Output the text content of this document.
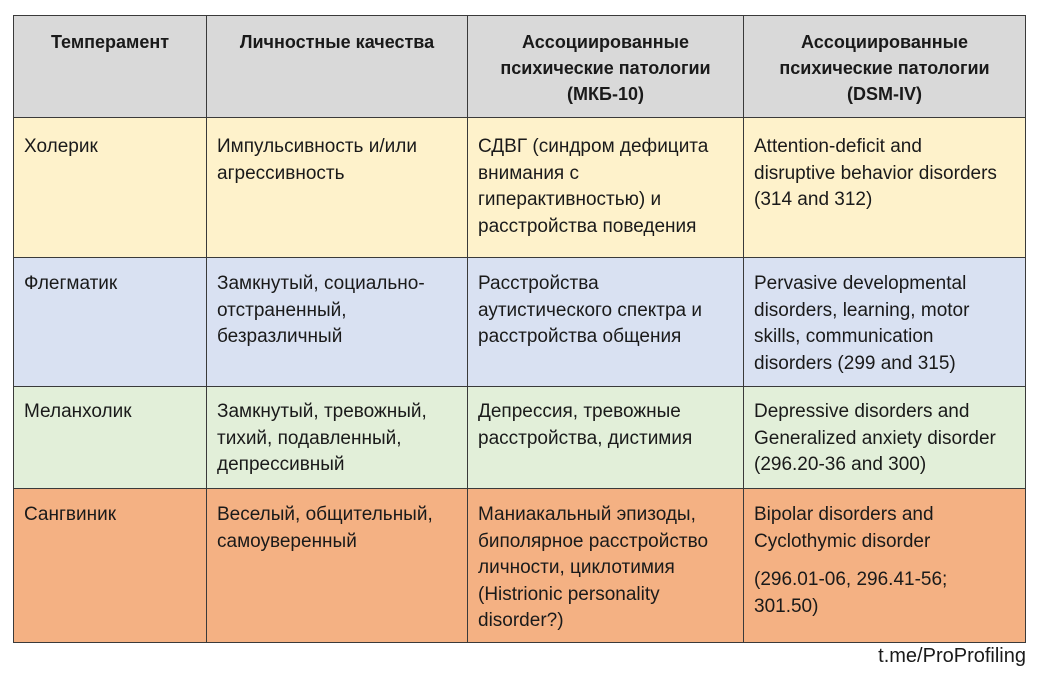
Темперамент	Личностные качества	Ассоциированные
психические патологии
(МКБ-10)	Ассоциированные
психические патологии
(DSM-IV)

Холерик	Импульсивность и/или
агрессивность	СДВГ (синдром дефицита
внимания с
гиперактивностью) и
расстройства поведения	Attention-deficit and
disruptive behavior disorders
(314 and 312)

Флегматик	Замкнутый, социально-
отстраненный,
безразличный	Расстройства
аутистического спектра и
расстройства общения	Pervasive developmental
disorders, learning, motor
skills, communication
disorders (299 and 315)

Меланхолик	Замкнутый, тревожный,
тихий, подавленный,
депрессивный	Депрессия, тревожные
расстройства, дистимия	Depressive disorders and
Generalized anxiety disorder
(296.20-36 and 300)

Сангвиник	Веселый, общительный,
самоуверенный	Маниакальный эпизоды,
биполярное расстройство
личности, циклотимия
(Histrionic personality
disorder?)	Bipolar disorders and
Cyclothymic disorder
(296.01-06, 296.41-56;
301.50)
t.me/ProProfiling
